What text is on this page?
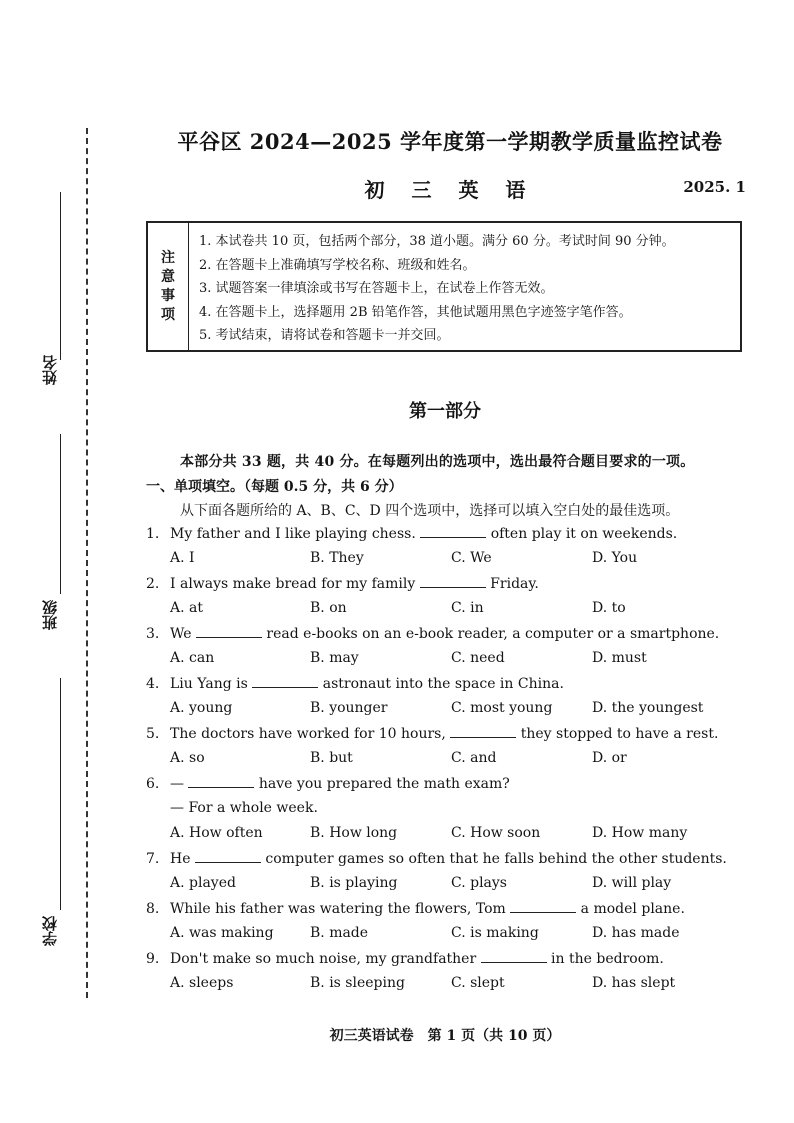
姓名
班级
学校
平谷区 2024—2025 学年度第一学期教学质量监控试卷
初 三 英 语	2025. 1
注
意
事
项
1. 本试卷共 10 页，包括两个部分，38 道小题。满分 60 分。考试时间 90 分钟。
2. 在答题卡上准确填写学校名称、班级和姓名。
3. 试题答案一律填涂或书写在答题卡上，在试卷上作答无效。
4. 在答题卡上，选择题用 2B 铅笔作答，其他试题用黑色字迹签字笔作答。
5. 考试结束，请将试卷和答题卡一并交回。
第一部分
本部分共 33 题，共 40 分。在每题列出的选项中，选出最符合题目要求的一项。
一、单项填空。（每题 0.5 分，共 6 分）
从下面各题所给的 A、B、C、D 四个选项中，选择可以填入空白处的最佳选项。
1. My father and I like playing chess.	often play it on weekends.
A. I	B. They	C. We	D. You
2. I always make bread for my family	Friday.
A. at	B. on	C. in	D. to
3. We	read e-books on an e-book reader, a computer or a smartphone.
A. can	B. may	C. need	D. must
4. Liu Yang is	astronaut into the space in China.
A. young	B. younger	C. most young	D. the youngest
5. The doctors have worked for 10 hours,	they stopped to have a rest.
A. so	B. but	C. and	D. or
6. —	have you prepared the math exam?
— For a whole week.
A. How often	B. How long	C. How soon	D. How many
7. He	computer games so often that he falls behind the other students.
A. played	B. is playing	C. plays	D. will play
8. While his father was watering the flowers, Tom	a model plane.
A. was making	B. made	C. is making	D. has made
9. Don't make so much noise, my grandfather	in the bedroom.
A. sleeps	B. is sleeping	C. slept	D. has slept
初三英语试卷　第 1 页（共 10 页）
